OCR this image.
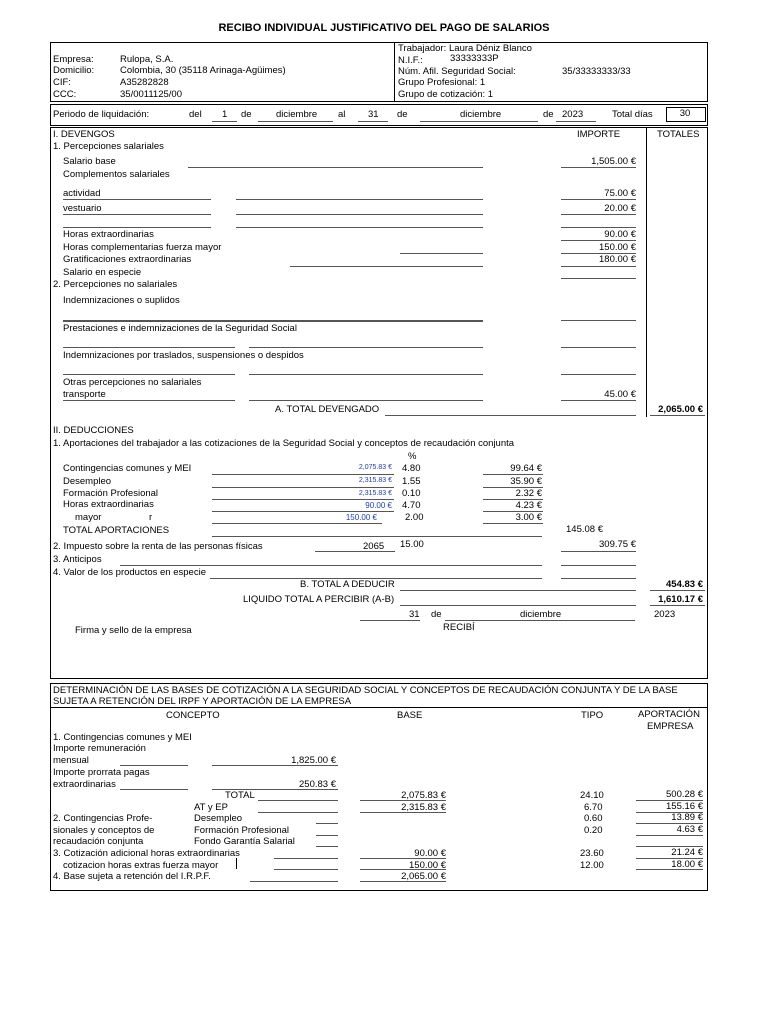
RECIBO INDIVIDUAL JUSTIFICATIVO DEL PAGO DE SALARIOS
Empresa:	Rulopa, S.A.
Domicilio:	Colombia, 30 (35118 Arinaga-Agüimes)
CIF:	A35282828
CCC:	35/0011125/00
Trabajador: Laura Déniz Blanco
N.I.F.:	33333333P
Núm. Afil. Seguridad Social:	35/33333333/33
Grupo Profesional: 1
Grupo de cotización: 1
Periodo de liquidación:	del 1 de	diciembre al 31 de	diciembre	de 2023	Total días	30
I. DEVENGOS	IMPORTE	TOTALES
1. Percepciones salariales
Salario base	1,505.00 €
Complementos salariales
actividad	75.00 €
vestuario	20.00 €
Horas extraordinarias	90.00 €
Horas complementarias fuerza mayor	150.00 €
Gratificaciones extraordinarias	180.00 €
Salario en especie
2. Percepciones no salariales
Indemnizaciones o suplidos
Prestaciones e indemnizaciones de la Seguridad Social
Indemnizaciones por traslados, suspensiones o despidos
Otras percepciones no salariales
transporte	45.00 €
A. TOTAL DEVENGADO	2,065.00 €
II. DEDUCCIONES
1. Aportaciones del trabajador a las cotizaciones de la Seguridad Social y conceptos de recaudación conjunta
%
Contingencias comunes y MEI	2,075.83 € 4.80	99.64 €
Desempleo	2,315.83 € 1.55	35.90 €
Formación Profesional	2,315.83 € 0.10	2.32 €
Horas extraordinarias	90.00 € 4.70	4.23 €
mayor	r	150.00 €	2.00	3.00 €
TOTAL APORTACIONES	145.08 €
2. Impuesto sobre la renta de las personas físicas	2065 15.00	309.75 €
3. Anticipos
4. Valor de los productos en especie
B. TOTAL A DEDUCIR	454.83 €
LIQUIDO TOTAL A PERCIBIR (A-B)	1,610.17 €
31 de	diciembre	2023
Firma y sello de la empresa	RECIBÍ
DETERMINACIÓN DE LAS BASES DE COTIZACIÓN A LA SEGURIDAD SOCIAL Y CONCEPTOS DE RECAUDACIÓN CONJUNTA Y DE LA BASE
SUJETA A RETENCIÓN DEL IRPF Y APORTACIÓN DE LA EMPRESA
CONCEPTO	BASE	TIPO	APORTACIÓN
EMPRESA
1. Contingencias comunes y MEI
Importe remuneración
mensual	1,825.00 €
Importe prorrata pagas
extraordinarias	250.83 €
TOTAL	2,075.83 €	24.10	500.28 €
AT y EP	2,315.83 €	6.70	155.16 €
2. Contingencias Profe-
sionales y conceptos de
recaudación conjunta
Desempleo	0.60	13.89 €
Formación Profesional	0.20	4.63 €
Fondo Garantía Salarial
3. Cotización adicional horas extraordinarias	90.00 €	23.60	21.24 €
cotizacion horas extras fuerza mayor	150.00 €	12.00	18.00 €
4. Base sujeta a retención del I.R.P.F.	2,065.00 €
